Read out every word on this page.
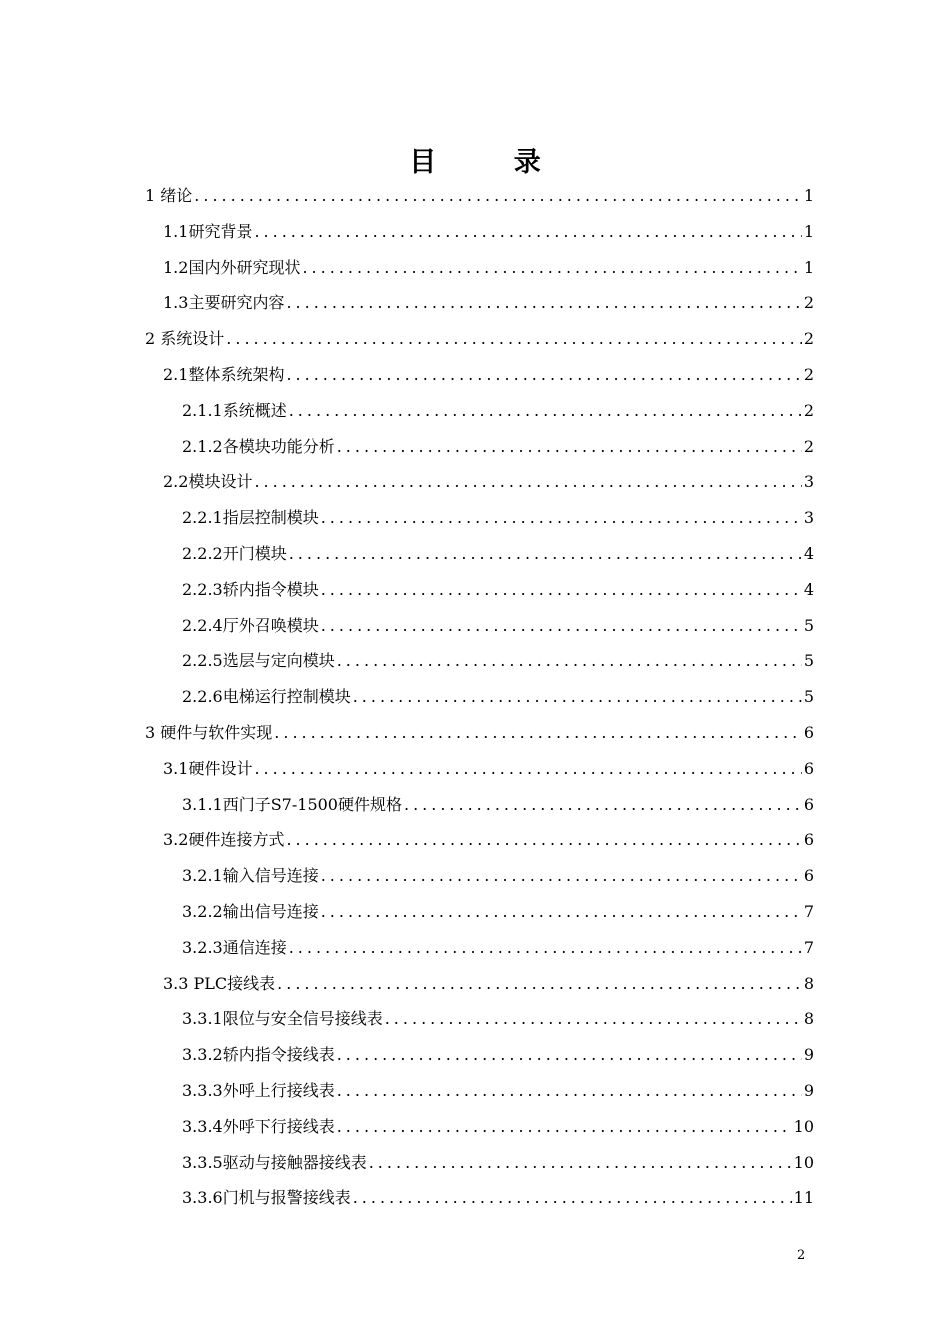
目 录
1 绪论 .....	1
1.1研究背景 .....	1
1.2国内外研究现状 .....	1
1.3主要研究内容 .....	2
2 系统设计 .....	2
2.1整体系统架构 .....	2
2.1.1系统概述 .....	2
2.1.2各模块功能分析 .....	2
2.2模块设计 .....	3
2.2.1指层控制模块 .....	3
2.2.2开门模块 .....	4
2.2.3轿内指令模块 .....	4
2.2.4厅外召唤模块 .....	5
2.2.5选层与定向模块 .....	5
2.2.6电梯运行控制模块 .....	5
3 硬件与软件实现 .....	6
3.1硬件设计 .....	6
3.1.1西门子S7-1500硬件规格 .....	6
3.2硬件连接方式 .....	6
3.2.1输入信号连接 .....	6
3.2.2输出信号连接 .....	7
3.2.3通信连接 .....	7
3.3 PLC接线表 .....	8
3.3.1限位与安全信号接线表 .....	8
3.3.2轿内指令接线表 .....	9
3.3.3外呼上行接线表 .....	9
3.3.4外呼下行接线表 .....	10
3.3.5驱动与接触器接线表 .....	10
3.3.6门机与报警接线表 .....	11
2
